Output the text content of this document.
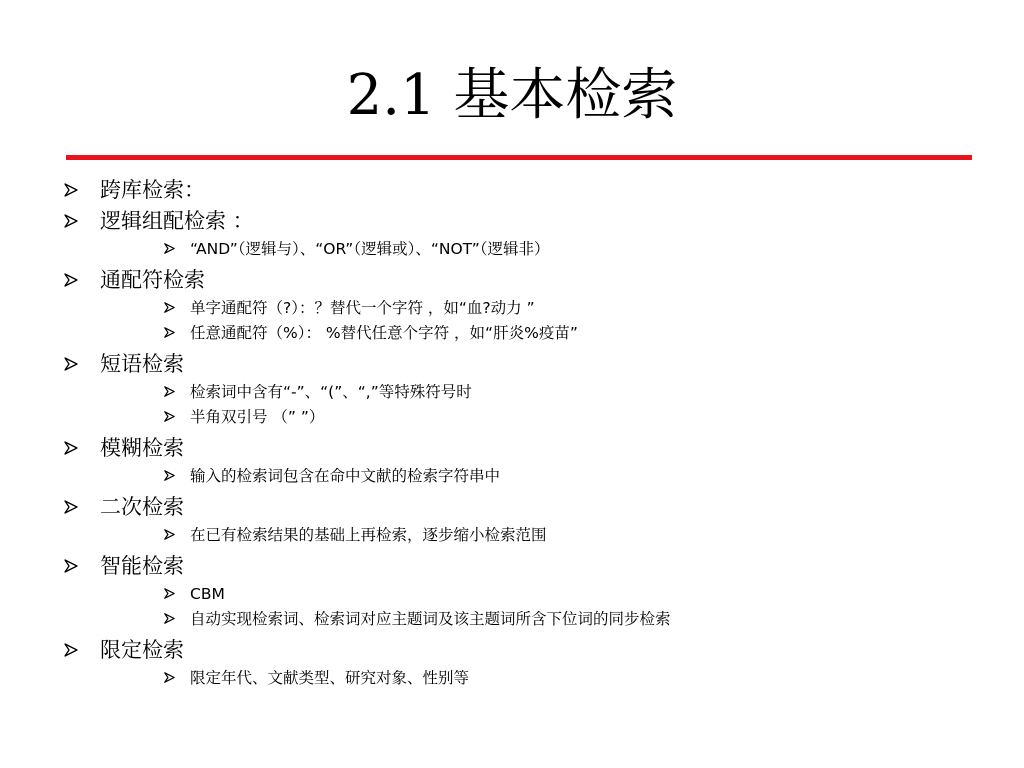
2.1 基本检索
跨库检索：
逻辑组配检索 ：
“AND”（逻辑与）、“OR”（逻辑或）、“NOT”（逻辑非）
通配符检索
单字通配符（?）：？替代一个字符 ，如“血?动力 ”
任意通配符（%）： %替代任意个字符 ，如“肝炎%疫苗”
短语检索
检索词中含有“-”、“(”、“,”等特殊符号时
半角双引号 （” ”）
模糊检索
输入的检索词包含在命中文献的检索字符串中
二次检索
在已有检索结果的基础上再检索，逐步缩小检索范围
智能检索
CBM
自动实现检索词、检索词对应主题词及该主题词所含下位词的同步检索
限定检索
限定年代、文献类型、研究对象、性别等
